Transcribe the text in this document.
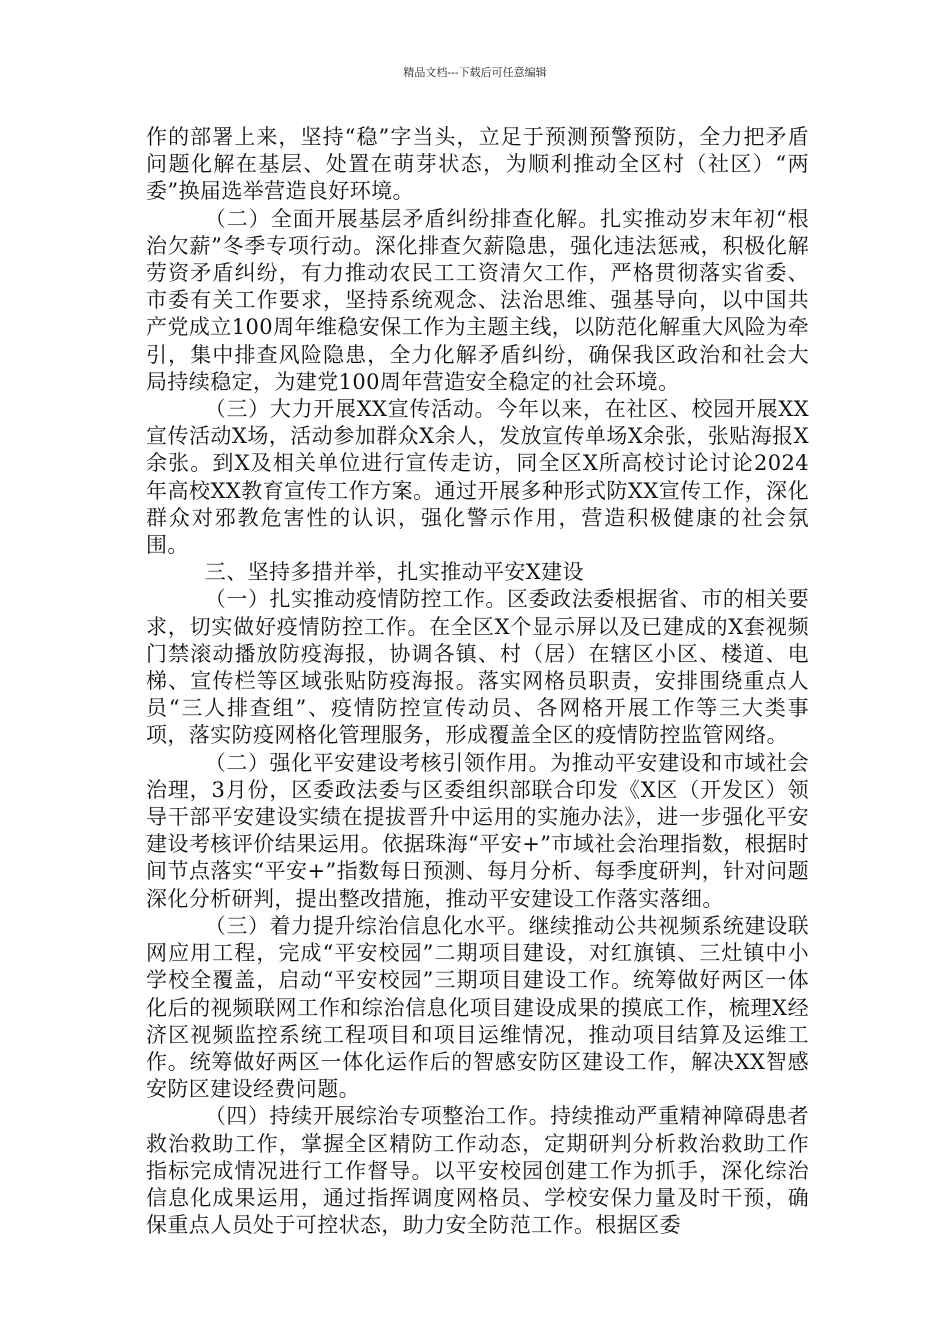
精品文档---下载后可任意编辑

作的部署上来，坚持“稳”字当头，立足于预测预警预防，全力把矛盾问题化解在基层、处置在萌芽状态，为顺利推动全区村（社区）“两委”换届选举营造良好环境。

（二）全面开展基层矛盾纠纷排查化解。扎实推动岁末年初“根治欠薪”冬季专项行动。深化排查欠薪隐患，强化违法惩戒，积极化解劳资矛盾纠纷，有力推动农民工工资清欠工作，严格贯彻落实省委、市委有关工作要求，坚持系统观念、法治思维、强基导向，以中国共产党成立100周年维稳安保工作为主题主线，以防范化解重大风险为牵引，集中排查风险隐患，全力化解矛盾纠纷，确保我区政治和社会大局持续稳定，为建党100周年营造安全稳定的社会环境。

（三）大力开展XX宣传活动。今年以来，在社区、校园开展XX宣传活动X场，活动参加群众X余人，发放宣传单场X余张，张贴海报X余张。到X及相关单位进行宣传走访，同全区X所高校讨论讨论2024年高校XX教育宣传工作方案。通过开展多种形式防XX宣传工作，深化群众对邪教危害性的认识，强化警示作用，营造积极健康的社会氛围。

三、坚持多措并举，扎实推动平安X建设

（一）扎实推动疫情防控工作。区委政法委根据省、市的相关要求，切实做好疫情防控工作。在全区X个显示屏以及已建成的X套视频门禁滚动播放防疫海报，协调各镇、村（居）在辖区小区、楼道、电梯、宣传栏等区域张贴防疫海报。落实网格员职责，安排围绕重点人员“三人排查组”、疫情防控宣传动员、各网格开展工作等三大类事项，落实防疫网格化管理服务，形成覆盖全区的疫情防控监管网络。

（二）强化平安建设考核引领作用。为推动平安建设和市域社会治理，3月份，区委政法委与区委组织部联合印发《X区（开发区）领导干部平安建设实绩在提拔晋升中运用的实施办法》，进一步强化平安建设考核评价结果运用。依据珠海“平安+”市域社会治理指数，根据时间节点落实“平安+”指数每日预测、每月分析、每季度研判，针对问题深化分析研判，提出整改措施，推动平安建设工作落实落细。

（三）着力提升综治信息化水平。继续推动公共视频系统建设联网应用工程，完成“平安校园”二期项目建设，对红旗镇、三灶镇中小学校全覆盖，启动“平安校园”三期项目建设工作。统筹做好两区一体化后的视频联网工作和综治信息化项目建设成果的摸底工作，梳理X经济区视频监控系统工程项目和项目运维情况，推动项目结算及运维工作。统筹做好两区一体化运作后的智感安防区建设工作，解决XX智感安防区建设经费问题。

（四）持续开展综治专项整治工作。持续推动严重精神障碍患者救治救助工作，掌握全区精防工作动态，定期研判分析救治救助工作指标完成情况进行工作督导。以平安校园创建工作为抓手，深化综治信息化成果运用，通过指挥调度网格员、学校安保力量及时干预，确保重点人员处于可控状态，助力安全防范工作。根据区委
